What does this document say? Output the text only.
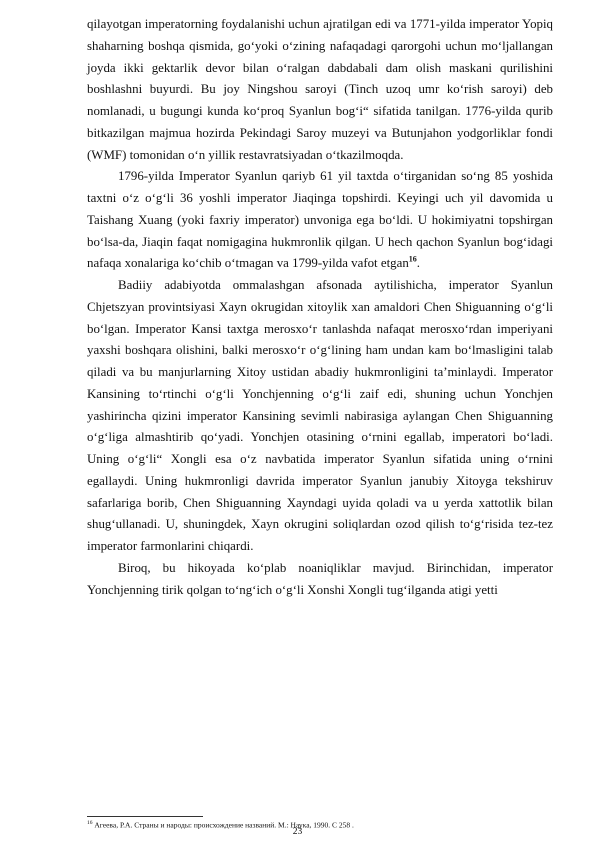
qilayotgan imperatorning foydalanishi uchun ajratilgan edi va 1771-yilda imperator Yopiq shaharning boshqa qismida, go‘yoki o‘zining nafaqadagi qarorgohi uchun mo‘ljallangan joyda ikki gektarlik devor bilan o‘ralgan dabdabali dam olish maskani qurilishini boshlashni buyurdi. Bu joy Ningshou saroyi (Tinch uzoq umr ko‘rish saroyi) deb nomlanadi, u bugungi kunda ko‘proq Syanlun bog‘i“ sifatida tanilgan. 1776-yilda qurib bitkazilgan majmua hozirda Pekindagi Saroy muzeyi va Butunjahon yodgorliklar fondi (WMF) tomonidan o‘n yillik restavratsiyadan o‘tkazilmoqda.

1796-yilda Imperator Syanlun qariyb 61 yil taxtda o‘tirganidan so‘ng 85 yoshida taxtni o‘z o‘g‘li 36 yoshli imperator Jiaqinga topshirdi. Keyingi uch yil davomida u Taishang Xuang (yoki faxriy imperator) unvoniga ega bo‘ldi. U hokimiyatni topshirgan bo‘lsa-da, Jiaqin faqat nomigagina hukmronlik qilgan. U hech qachon Syanlun bog‘idagi nafaqa xonalariga ko‘chib o‘tmagan va 1799-yilda vafot etgan$^{16}$.

Badiiy adabiyotda ommalashgan afsonada aytilishicha, imperator Syanlun Chjetszyan provintsiyasi Xayn okrugidan xitoylik xan amaldori Chen Shiguanning o‘g‘li bo‘lgan. Imperator Kansi taxtga merosxo‘r tanlashda nafaqat merosxo‘rdan imperiyani yaxshi boshqara olishini, balki merosxo‘r o‘g‘lining ham undan kam bo‘lmasligini talab qiladi va bu manjurlarning Xitoy ustidan abadiy hukmronligini ta’minlaydi. Imperator Kansining to‘rtinchi o‘g‘li Yonchjenning o‘g‘li zaif edi, shuning uchun Yonchjen yashirincha qizini imperator Kansining sevimli nabirasiga aylangan Chen Shiguanning o‘g‘liga almashtirib qo‘yadi. Yonchjen otasining o‘rnini egallab, imperatori bo‘ladi. Uning o‘g‘li“ Xongli esa o‘z navbatida imperator Syanlun sifatida uning o‘rnini egallaydi. Uning hukmronligi davrida imperator Syanlun janubiy Xitoyga tekshiruv safarlariga borib, Chen Shiguanning Xayndagi uyida qoladi va u yerda xattotlik bilan shug‘ullanadi. U, shuningdek, Xayn okrugini soliqlardan ozod qilish to‘g‘risida tez-tez imperator farmonlarini chiqardi.

Biroq, bu hikoyada ko‘plab noaniqliklar mavjud. Birinchidan, imperator Yonchjenning tirik qolgan to‘ng‘ich o‘g‘li Xonshi Xongli tug‘ilganda atigi yetti

$^{16}$ Агеева, Р.А. Страны и народы: происхождение названий. М.: Наука, 1990. С 258 .
23
